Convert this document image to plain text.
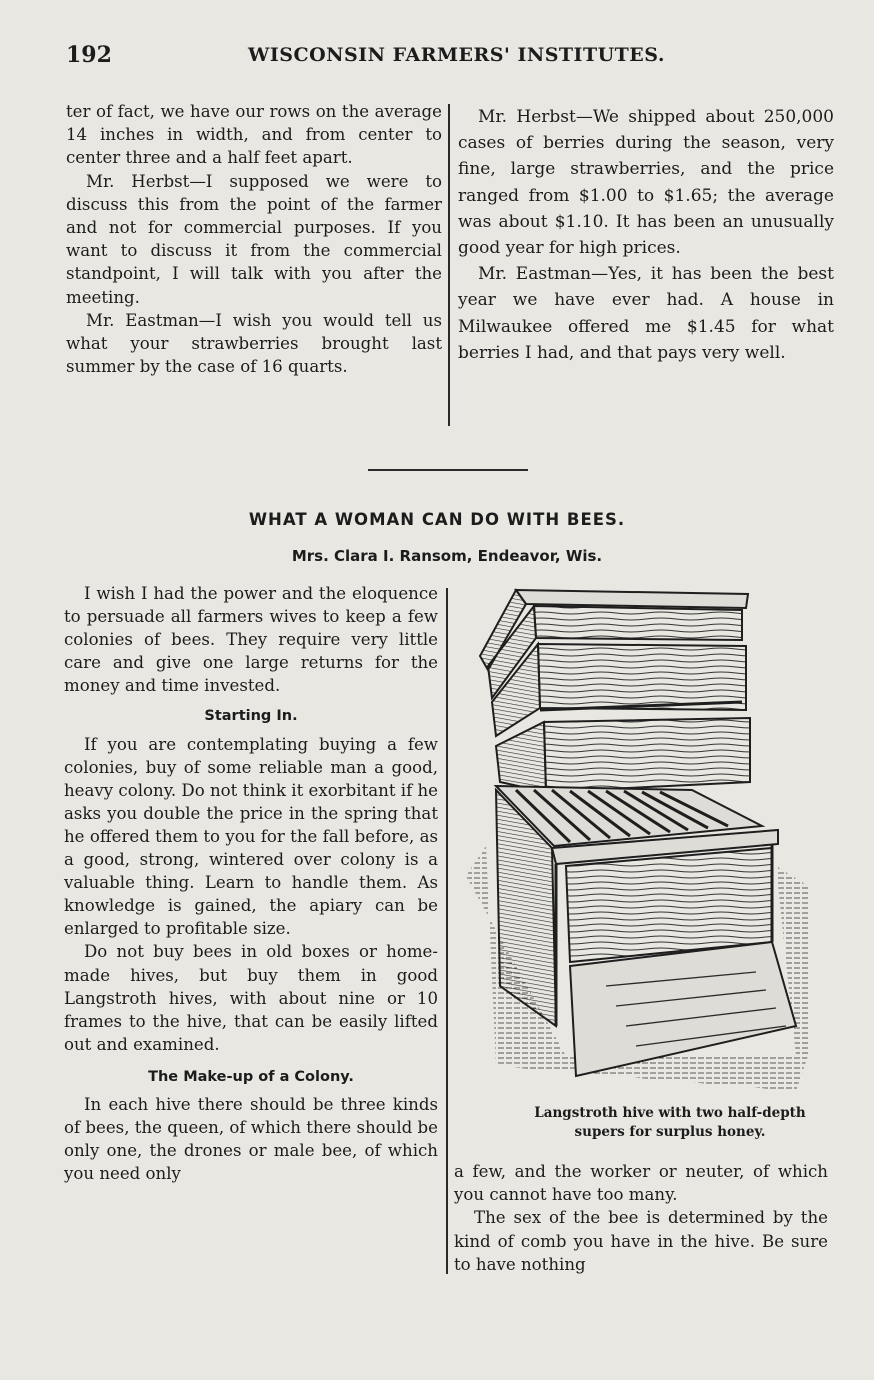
192	WISCONSIN FARMERS' INSTITUTES.

ter of fact, we have our rows on the average 14 inches in width, and from center to center three and a half feet apart.

Mr. Herbst—I supposed we were to discuss this from the point of the farmer and not for commercial purposes. If you want to discuss it from the commercial standpoint, I will talk with you after the meeting.

Mr. Eastman—I wish you would tell us what your strawberries brought last summer by the case of 16 quarts.

Mr. Herbst—We shipped about 250,000 cases of berries during the season, very fine, large strawberries, and the price ranged from $1.00 to $1.65; the average was about $1.10. It has been an unusually good year for high prices.

Mr. Eastman—Yes, it has been the best year we have ever had. A house in Milwaukee offered me $1.45 for what berries I had, and that pays very well.

WHAT A WOMAN CAN DO WITH BEES.
Mrs. Clara I. Ransom, Endeavor, Wis.

I wish I had the power and the eloquence to persuade all farmers wives to keep a few colonies of bees. They require very little care and give one large returns for the money and time invested.

Starting In.

If you are contemplating buying a few colonies, buy of some reliable man a good, heavy colony. Do not think it exorbitant if he asks you double the price in the spring that he offered them to you for the fall before, as a good, strong, wintered over colony is a valuable thing. Learn to handle them. As knowledge is gained, the apiary can be enlarged to profitable size.

Do not buy bees in old boxes or home-made hives, but buy them in good Langstroth hives, with about nine or 10 frames to the hive, that can be easily lifted out and examined.

The Make-up of a Colony.

In each hive there should be three kinds of bees, the queen, of which there should be only one, the drones or male bee, of which you need only

Langstroth hive with two half-depth supers for surplus honey.

a few, and the worker or neuter, of which you cannot have too many.

The sex of the bee is determined by the kind of comb you have in the hive. Be sure to have nothing
